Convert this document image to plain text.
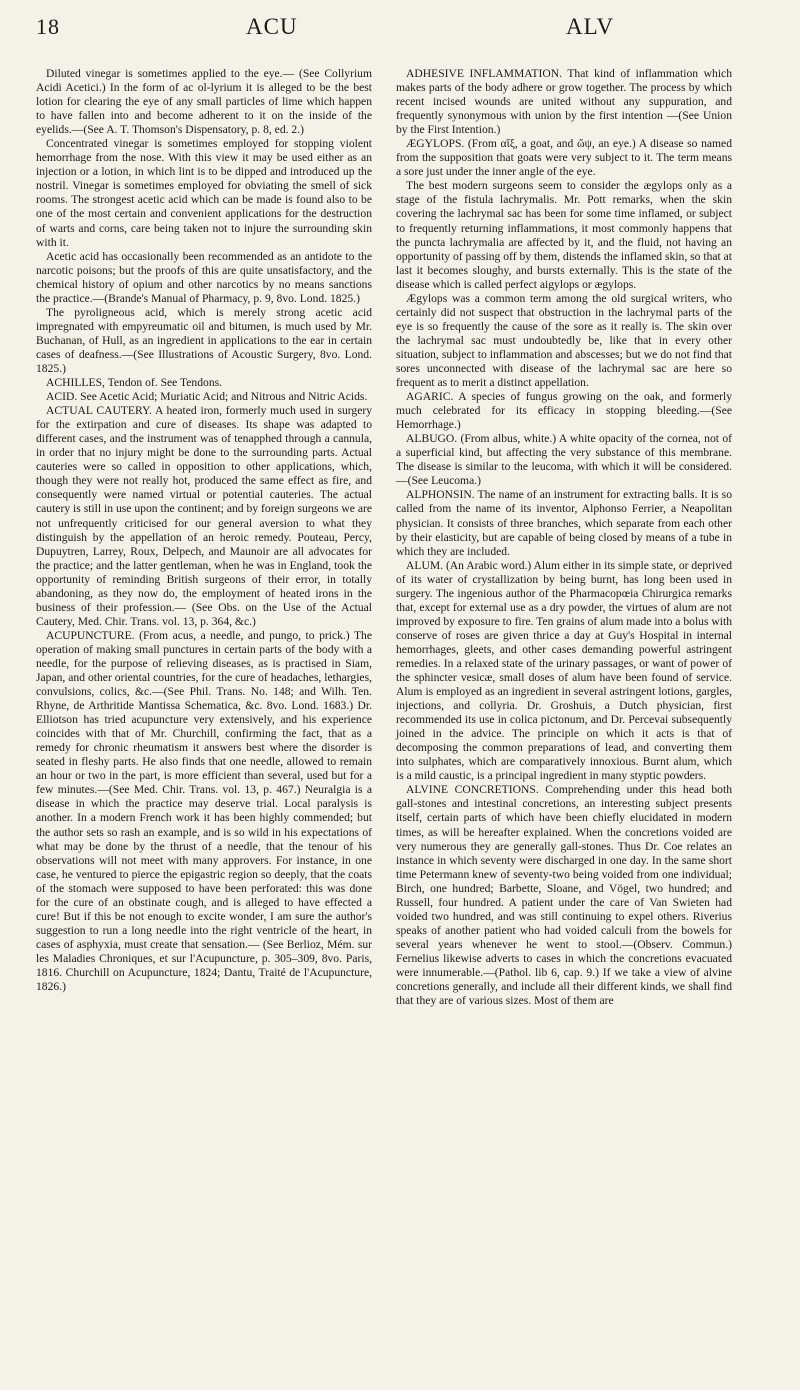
18	ACU	ALV

Diluted vinegar is sometimes applied to the eye.— (See Collyrium Acidi Acetici.) In the form of ac ol-lyrium it is alleged to be the best lotion for clearing the eye of any small particles of lime which happen to have fallen into and become adherent to it on the inside of the eyelids.—(See A. T. Thomson's Dispensatory, p. 8, ed. 2.)

Concentrated vinegar is sometimes employed for stopping violent hemorrhage from the nose. With this view it may be used either as an injection or a lotion, in which lint is to be dipped and introduced up the nostril. Vinegar is sometimes employed for obviating the smell of sick rooms. The strongest acetic acid which can be made is found also to be one of the most certain and convenient applications for the destruction of warts and corns, care being taken not to injure the surrounding skin with it.

Acetic acid has occasionally been recommended as an antidote to the narcotic poisons; but the proofs of this are quite unsatisfactory, and the chemical history of opium and other narcotics by no means sanctions the practice.—(Brande's Manual of Pharmacy, p. 9, 8vo. Lond. 1825.)

The pyroligneous acid, which is merely strong acetic acid impregnated with empyreumatic oil and bitumen, is much used by Mr. Buchanan, of Hull, as an ingredient in applications to the ear in certain cases of deafness.—(See Illustrations of Acoustic Surgery, 8vo. Lond. 1825.)

ACHILLES, Tendon of. See Tendons.

ACID. See Acetic Acid; Muriatic Acid; and Nitrous and Nitric Acids.

ACTUAL CAUTERY. A heated iron, formerly much used in surgery for the extirpation and cure of diseases. Its shape was adapted to different cases, and the instrument was of tenapphed through a cannula, in order that no injury might be done to the surrounding parts. Actual cauteries were so called in opposition to other applications, which, though they were not really hot, produced the same effect as fire, and consequently were named virtual or potential cauteries. The actual cautery is still in use upon the continent; and by foreign surgeons we are not unfrequently criticised for our general aversion to what they distinguish by the appellation of an heroic remedy. Pouteau, Percy, Dupuytren, Larrey, Roux, Delpech, and Maunoir are all advocates for the practice; and the latter gentleman, when he was in England, took the opportunity of reminding British surgeons of their error, in totally abandoning, as they now do, the employment of heated irons in the business of their profession.— (See Obs. on the Use of the Actual Cautery, Med. Chir. Trans. vol. 13, p. 364, &c.)

ACUPUNCTURE. (From acus, a needle, and pungo, to prick.) The operation of making small punctures in certain parts of the body with a needle, for the purpose of relieving diseases, as is practised in Siam, Japan, and other oriental countries, for the cure of headaches, lethargies, convulsions, colics, &c.—(See Phil. Trans. No. 148; and Wilh. Ten. Rhyne, de Arthritide Mantissa Schematica, &c. 8vo. Lond. 1683.) Dr. Elliotson has tried acupuncture very extensively, and his experience coincides with that of Mr. Churchill, confirming the fact, that as a remedy for chronic rheumatism it answers best where the disorder is seated in fleshy parts. He also finds that one needle, allowed to remain an hour or two in the part, is more efficient than several, used but for a few minutes.—(See Med. Chir. Trans. vol. 13, p. 467.) Neuralgia is a disease in which the practice may deserve trial. Local paralysis is another. In a modern French work it has been highly commended; but the author sets so rash an example, and is so wild in his expectations of what may be done by the thrust of a needle, that the tenour of his observations will not meet with many approvers. For instance, in one case, he ventured to pierce the epigastric region so deeply, that the coats of the stomach were supposed to have been perforated: this was done for the cure of an obstinate cough, and is alleged to have effected a cure! But if this be not enough to excite wonder, I am sure the author's suggestion to run a long needle into the right ventricle of the heart, in cases of asphyxia, must create that sensation.— (See Berlioz, Mém. sur les Maladies Chroniques, et sur l'Acupuncture, p. 305–309, 8vo. Paris, 1816. Churchill on Acupuncture, 1824; Dantu, Traité de l'Acupuncture, 1826.)

ADHESIVE INFLAMMATION. That kind of inflammation which makes parts of the body adhere or grow together. The process by which recent incised wounds are united without any suppuration, and frequently synonymous with union by the first intention —(See Union by the First Intention.)

ÆGYLOPS. (From αἴξ, a goat, and ὤψ, an eye.) A disease so named from the supposition that goats were very subject to it. The term means a sore just under the inner angle of the eye.

The best modern surgeons seem to consider the ægylops only as a stage of the fistula lachrymalis. Mr. Pott remarks, when the skin covering the lachrymal sac has been for some time inflamed, or subject to frequently returning inflammations, it most commonly happens that the puncta lachrymalia are affected by it, and the fluid, not having an opportunity of passing off by them, distends the inflamed skin, so that at last it becomes sloughy, and bursts externally. This is the state of the disease which is called perfect aigylops or ægylops.

Ægylops was a common term among the old surgical writers, who certainly did not suspect that obstruction in the lachrymal parts of the eye is so frequently the cause of the sore as it really is. The skin over the lachrymal sac must undoubtedly be, like that in every other situation, subject to inflammation and abscesses; but we do not find that sores unconnected with disease of the lachrymal sac are here so frequent as to merit a distinct appellation.

AGARIC. A species of fungus growing on the oak, and formerly much celebrated for its efficacy in stopping bleeding.—(See Hemorrhage.)

ALBUGO. (From albus, white.) A white opacity of the cornea, not of a superficial kind, but affecting the very substance of this membrane. The disease is similar to the leucoma, with which it will be considered.—(See Leucoma.)

ALPHONSIN. The name of an instrument for extracting balls. It is so called from the name of its inventor, Alphonso Ferrier, a Neapolitan physician. It consists of three branches, which separate from each other by their elasticity, but are capable of being closed by means of a tube in which they are included.

ALUM. (An Arabic word.) Alum either in its simple state, or deprived of its water of crystallization by being burnt, has long been used in surgery. The ingenious author of the Pharmacopœia Chirurgica remarks that, except for external use as a dry powder, the virtues of alum are not improved by exposure to fire. Ten grains of alum made into a bolus with conserve of roses are given thrice a day at Guy's Hospital in internal hemorrhages, gleets, and other cases demanding powerful astringent remedies. In a relaxed state of the urinary passages, or want of power of the sphincter vesicæ, small doses of alum have been found of service. Alum is employed as an ingredient in several astringent lotions, gargles, injections, and collyria. Dr. Groshuis, a Dutch physician, first recommended its use in colica pictonum, and Dr. Percevai subsequently joined in the advice. The principle on which it acts is that of decomposing the common preparations of lead, and converting them into sulphates, which are comparatively innoxious. Burnt alum, which is a mild caustic, is a principal ingredient in many styptic powders.

ALVINE CONCRETIONS. Comprehending under this head both gall-stones and intestinal concretions, an interesting subject presents itself, certain parts of which have been chiefly elucidated in modern times, as will be hereafter explained. When the concretions voided are very numerous they are generally gall-stones. Thus Dr. Coe relates an instance in which seventy were discharged in one day. In the same short time Petermann knew of seventy-two being voided from one individual; Birch, one hundred; Barbette, Sloane, and Vögel, two hundred; and Russell, four hundred. A patient under the care of Van Swieten had voided two hundred, and was still continuing to expel others. Riverius speaks of another patient who had voided calculi from the bowels for several years whenever he went to stool.—(Observ. Commun.) Fernelius likewise adverts to cases in which the concretions evacuated were innumerable.—(Pathol. lib 6, cap. 9.) If we take a view of alvine concretions generally, and include all their different kinds, we shall find that they are of various sizes. Most of them are
